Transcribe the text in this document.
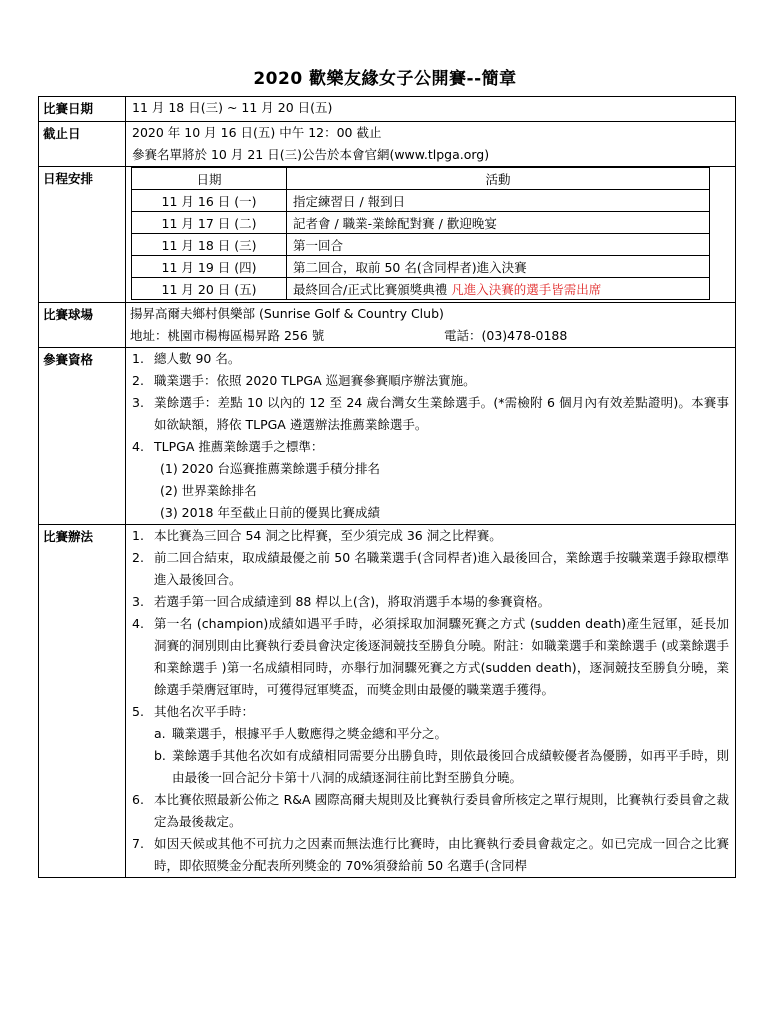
2020 歡樂友緣女子公開賽--簡章
比賽日期	11 月 18 日(三) ~ 11 月 20 日(五)

截止日	2020 年 10 月 16 日(五) 中午 12：00 截止
參賽名單將於 10 月 21 日(三)公告於本會官網(www.tlpga.org)

日程安排		日期	活動
11 月 16 日 (一)	指定練習日 / 報到日
11 月 17 日 (二)	記者會 / 職業-業餘配對賽 / 歡迎晚宴
11 月 18 日 (三)	第一回合
11 月 19 日 (四)	第二回合，取前 50 名(含同桿者)進入決賽
11 月 20 日 (五)	最終回合/正式比賽頒獎典禮 凡進入決賽的選手皆需出席

比賽球場	揚昇高爾夫鄉村俱樂部 (Sunrise Golf & Country Club)
地址：桃園市楊梅區楊昇路 256 號	電話：(03)478-0188

參賽資格	1. 總人數 90 名。
2. 職業選手：依照 2020 TLPGA 巡迴賽參賽順序辦法實施。
3. 業餘選手：差點 10 以內的 12 至 24 歲台灣女生業餘選手。(*需檢附 6 個月內有效差點證明)。本賽事如欲缺額，將依 TLPGA 遴選辦法推薦業餘選手。
4. TLPGA 推薦業餘選手之標準：
(1) 2020 台巡賽推薦業餘選手積分排名
(2) 世界業餘排名
(3) 2018 年至截止日前的優異比賽成績

比賽辦法	1. 本比賽為三回合 54 洞之比桿賽，至少須完成 36 洞之比桿賽。
2. 前二回合結束，取成績最優之前 50 名職業選手(含同桿者)進入最後回合，業餘選手按職業選手錄取標準進入最後回合。
3. 若選手第一回合成績達到 88 桿以上(含)，將取消選手本場的參賽資格。
4. 第一名 (champion)成績如遇平手時，必須採取加洞驟死賽之方式 (sudden death)產生冠軍，延長加洞賽的洞別則由比賽執行委員會決定後逐洞競技至勝負分曉。附註：如職業選手和業餘選手 (或業餘選手和業餘選手 )第一名成績相同時，亦舉行加洞驟死賽之方式(sudden death)，逐洞競技至勝負分曉，業餘選手榮膺冠軍時，可獲得冠軍獎盃，而獎金則由最優的職業選手獲得。
5. 其他名次平手時：
a. 職業選手，根據平手人數應得之獎金總和平分之。
b. 業餘選手其他名次如有成績相同需要分出勝負時，則依最後回合成績較優者為優勝，如再平手時，則由最後一回合記分卡第十八洞的成績逐洞往前比對至勝負分曉。
6. 本比賽依照最新公佈之 R&A 國際高爾夫規則及比賽執行委員會所核定之單行規則，比賽執行委員會之裁定為最後裁定。
7. 如因天候或其他不可抗力之因素而無法進行比賽時，由比賽執行委員會裁定之。如已完成一回合之比賽時，即依照獎金分配表所列獎金的 70%須發給前 50 名選手(含同桿
